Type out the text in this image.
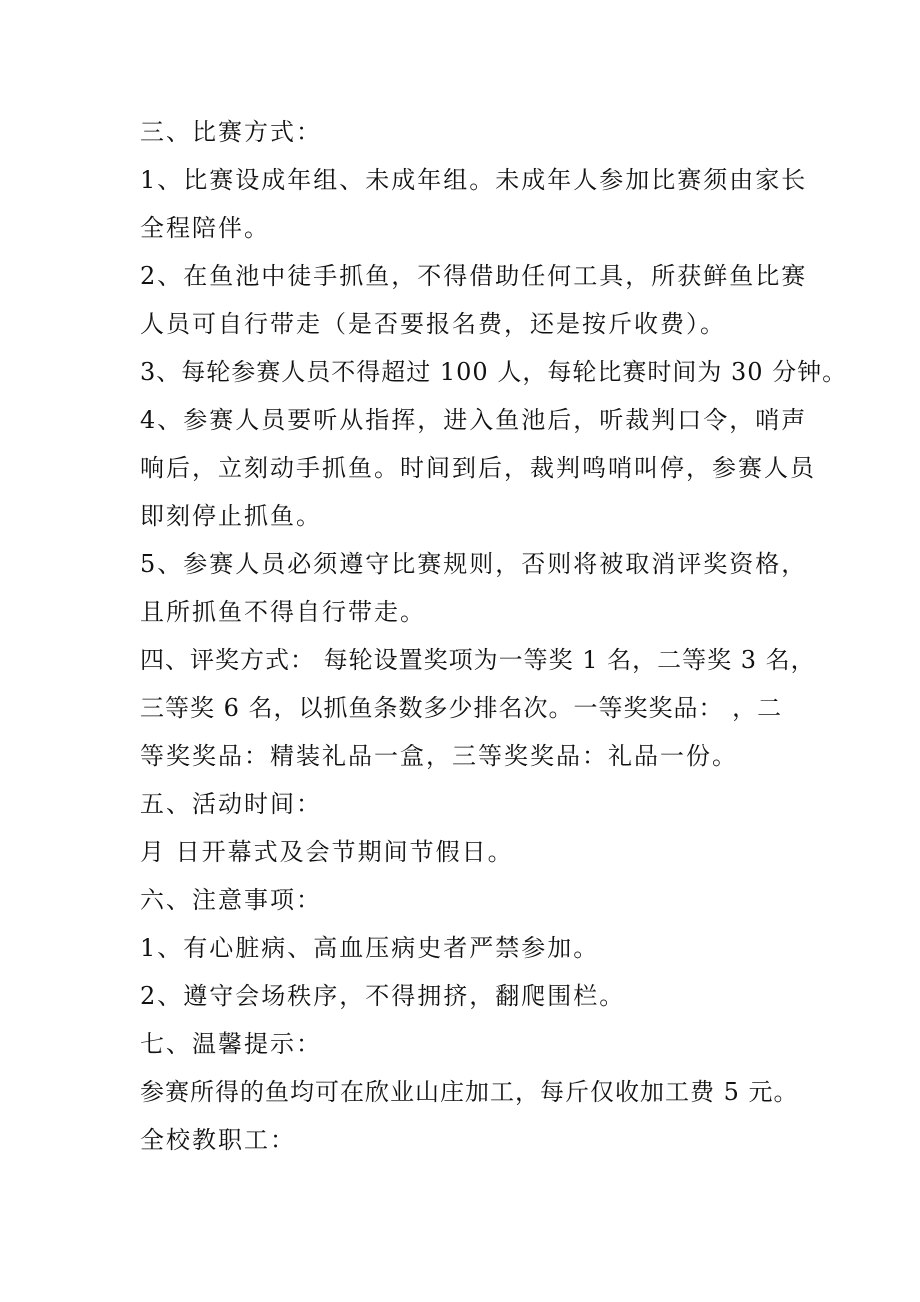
三、比赛方式：

1、比赛设成年组、未成年组。未成年人参加比赛须由家长

全程陪伴。

2、在鱼池中徒手抓鱼，不得借助任何工具，所获鲜鱼比赛

人员可自行带走（是否要报名费，还是按斤收费）。

3、每轮参赛人员不得超过 100 人，每轮比赛时间为 30 分钟。

4、参赛人员要听从指挥，进入鱼池后，听裁判口令，哨声

响后，立刻动手抓鱼。时间到后，裁判鸣哨叫停，参赛人员

即刻停止抓鱼。

5、参赛人员必须遵守比赛规则，否则将被取消评奖资格，

且所抓鱼不得自行带走。

四、评奖方式： 每轮设置奖项为一等奖 1 名，二等奖 3 名，

三等奖 6 名，以抓鱼条数多少排名次。一等奖奖品： ，二

等奖奖品：精装礼品一盒，三等奖奖品：礼品一份。

五、活动时间：

月 日开幕式及会节期间节假日。

六、注意事项：

1、有心脏病、高血压病史者严禁参加。

2、遵守会场秩序，不得拥挤，翻爬围栏。

七、温馨提示：

参赛所得的鱼均可在欣业山庄加工，每斤仅收加工费 5 元。

全校教职工：
